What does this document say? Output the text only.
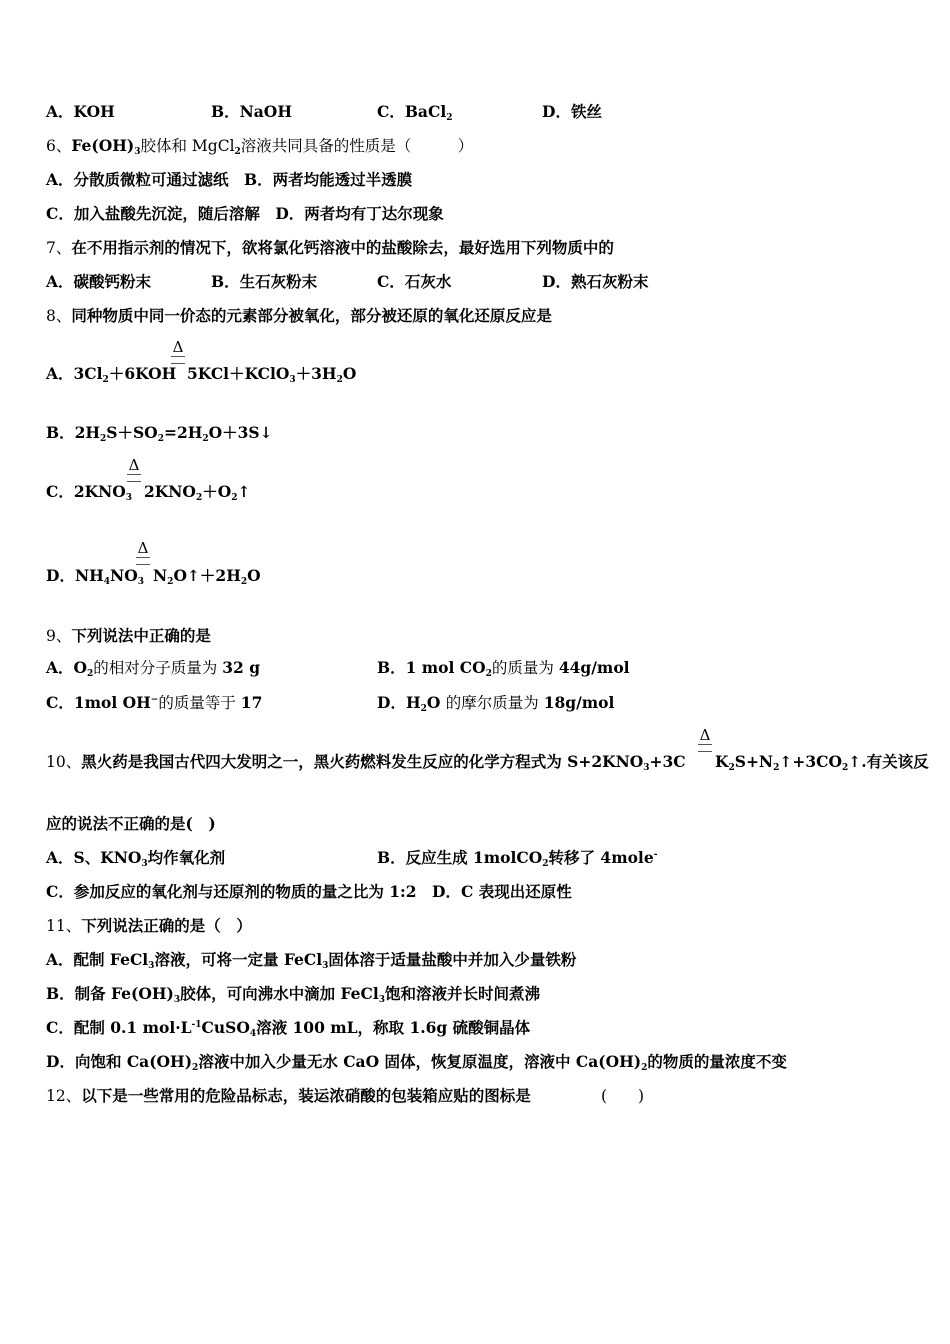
A．KOH	B．NaOH	C．BaCl$_2$	D．铁丝
6、$Fe(OH)_3$胶体和 MgCl$_2$溶液共同具备的性质是（　　　）
A．分散质微粒可通过滤纸　B．两者均能透过半透膜
C．加入盐酸先沉淀，随后溶解　D．两者均有丁达尔现象
7、在不用指示剂的情况下，欲将氯化钙溶液中的盐酸除去，最好选用下列物质中的
A．碳酸钙粉末	B．生石灰粉末	C．石灰水	D．熟石灰粉末
8、同种物质中同一价态的元素部分被氧化，部分被还原的氧化还原反应是
Δ
A．$3Cl_2+6KOH$ $5KCl+KClO_3+3H_2O$
B．$2H_2S+SO_2=2H_2O+3S↓$
Δ
C．$2KNO_3$ $2KNO_2+O_2↑$
Δ
D．$NH_4NO_3$ $N_2O↑+2H_2O$
9、下列说法中正确的是
A．$O_2$的相对分子质量为 32 g	B．1 mol $CO_2$的质量为 44g/mol
C．1mol OH−的质量等于 17	D．$H_2O$ 的摩尔质量为 18g/mol
Δ
10、黑火药是我国古代四大发明之一，黑火药燃料发生反应的化学方程式为 $S+2KNO_3+3C$ $K_2S+N_2↑+3CO_2↑$.有关该反
应的说法不正确的是(　)
A．S、$KNO_3$均作氧化剂	B．反应生成 1molCO$_2$转移了 4mole-
C．参加反应的氧化剂与还原剂的物质的量之比为 1:2　D．C 表现出还原性
11、下列说法正确的是（　）
A．配制 FeCl$_3$溶液，可将一定量 FeCl$_3$固体溶于适量盐酸中并加入少量铁粉
B．制备 $Fe(OH)_3$胶体，可向沸水中滴加 FeCl$_3$饱和溶液并长时间煮沸
C．配制 0.1 $mol\cdot L^{-1}CuSO_4$溶液 100 mL，称取 1.6g 硫酸铜晶体
D．向饱和 $Ca(OH)_2$溶液中加入少量无水 CaO 固体，恢复原温度，溶液中 $Ca(OH)_2$的物质的量浓度不变
12、以下是一些常用的危险品标志，装运浓硝酸的包装箱应贴的图标是	(　　)
